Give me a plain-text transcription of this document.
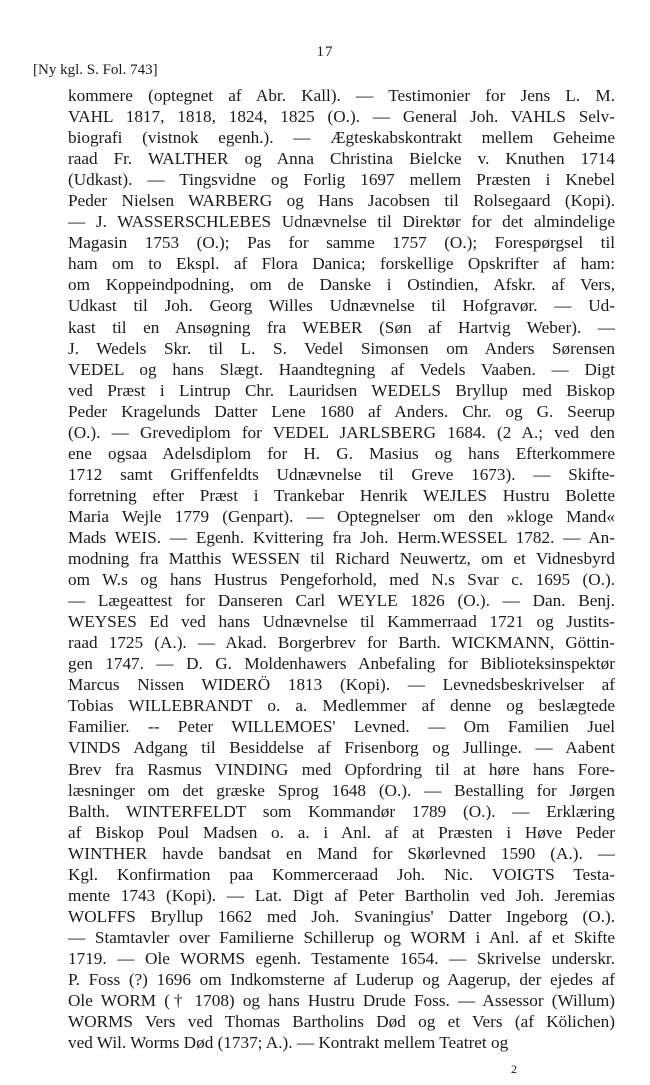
17
[Ny kgl. S. Fol. 743]
kommere (optegnet af Abr. Kall). — Testimonier for Jens L. M.
VAHL 1817, 1818, 1824, 1825 (O.). — General Joh. VAHLS Selv-
biografi (vistnok egenh.). — Ægteskabskontrakt mellem Geheime
raad Fr. WALTHER og Anna Christina Bielcke v. Knuthen 1714
(Udkast). — Tingsvidne og Forlig 1697 mellem Præsten i Knebel
Peder Nielsen WARBERG og Hans Jacobsen til Rolsegaard (Kopi).
— J. WASSERSCHLEBES Udnævnelse til Direktør for det almindelige
Magasin 1753 (O.); Pas for samme 1757 (O.); Forespørgsel til
ham om to Ekspl. af Flora Danica; forskellige Opskrifter af ham:
om Koppeindpodning, om de Danske i Ostindien, Afskr. af Vers,
Udkast til Joh. Georg Willes Udnævnelse til Hofgravør. — Ud-
kast til en Ansøgning fra WEBER (Søn af Hartvig Weber). —
J. Wedels Skr. til L. S. Vedel Simonsen om Anders Sørensen
VEDEL og hans Slægt. Haandtegning af Vedels Vaaben. — Digt
ved Præst i Lintrup Chr. Lauridsen WEDELS Bryllup med Biskop
Peder Kragelunds Datter Lene 1680 af Anders. Chr. og G. Seerup
(O.). — Grevediplom for VEDEL JARLSBERG 1684. (2 A.; ved den
ene ogsaa Adelsdiplom for H. G. Masius og hans Efterkommere
1712 samt Griffenfeldts Udnævnelse til Greve 1673). — Skifte-
forretning efter Præst i Trankebar Henrik WEJLES Hustru Bolette
Maria Wejle 1779 (Genpart). — Optegnelser om den »kloge Mand«
Mads WEIS. — Egenh. Kvittering fra Joh. Herm.WESSEL 1782. — An-
modning fra Matthis WESSEN til Richard Neuwertz, om et Vidnesbyrd
om W.s og hans Hustrus Pengeforhold, med N.s Svar c. 1695 (O.).
— Lægeattest for Danseren Carl WEYLE 1826 (O.). — Dan. Benj.
WEYSES Ed ved hans Udnævnelse til Kammerraad 1721 og Justits-
raad 1725 (A.). — Akad. Borgerbrev for Barth. WICKMANN, Göttin-
gen 1747. — D. G. Moldenhawers Anbefaling for Biblioteksinspektør
Marcus Nissen WIDERÖ 1813 (Kopi). — Levnedsbeskrivelser af
Tobias WILLEBRANDT o. a. Medlemmer af denne og beslægtede
Familier. -- Peter WILLEMOES' Levned. — Om Familien Juel
VINDS Adgang til Besiddelse af Frisenborg og Jullinge. — Aabent
Brev fra Rasmus VINDING med Opfordring til at høre hans Fore-
læsninger om det græske Sprog 1648 (O.). — Bestalling for Jørgen
Balth. WINTERFELDT som Kommandør 1789 (O.). — Erklæring
af Biskop Poul Madsen o. a. i Anl. af at Præsten i Høve Peder
WINTHER havde bandsat en Mand for Skørlevned 1590 (A.). —
Kgl. Konfirmation paa Kommerceraad Joh. Nic. VOIGTS Testa-
mente 1743 (Kopi). — Lat. Digt af Peter Bartholin ved Joh. Jeremias
WOLFFS Bryllup 1662 med Joh. Svaningius' Datter Ingeborg (O.).
— Stamtavler over Familierne Schillerup og WORM i Anl. af et Skifte
1719. — Ole WORMS egenh. Testamente 1654. — Skrivelse underskr.
P. Foss (?) 1696 om Indkomsterne af Luderup og Aagerup, der ejedes af
Ole WORM († 1708) og hans Hustru Drude Foss. — Assessor (Willum)
WORMS Vers ved Thomas Bartholins Død og et Vers (af Kölichen)
ved Wil. Worms Død (1737; A.). — Kontrakt mellem Teatret og
2
